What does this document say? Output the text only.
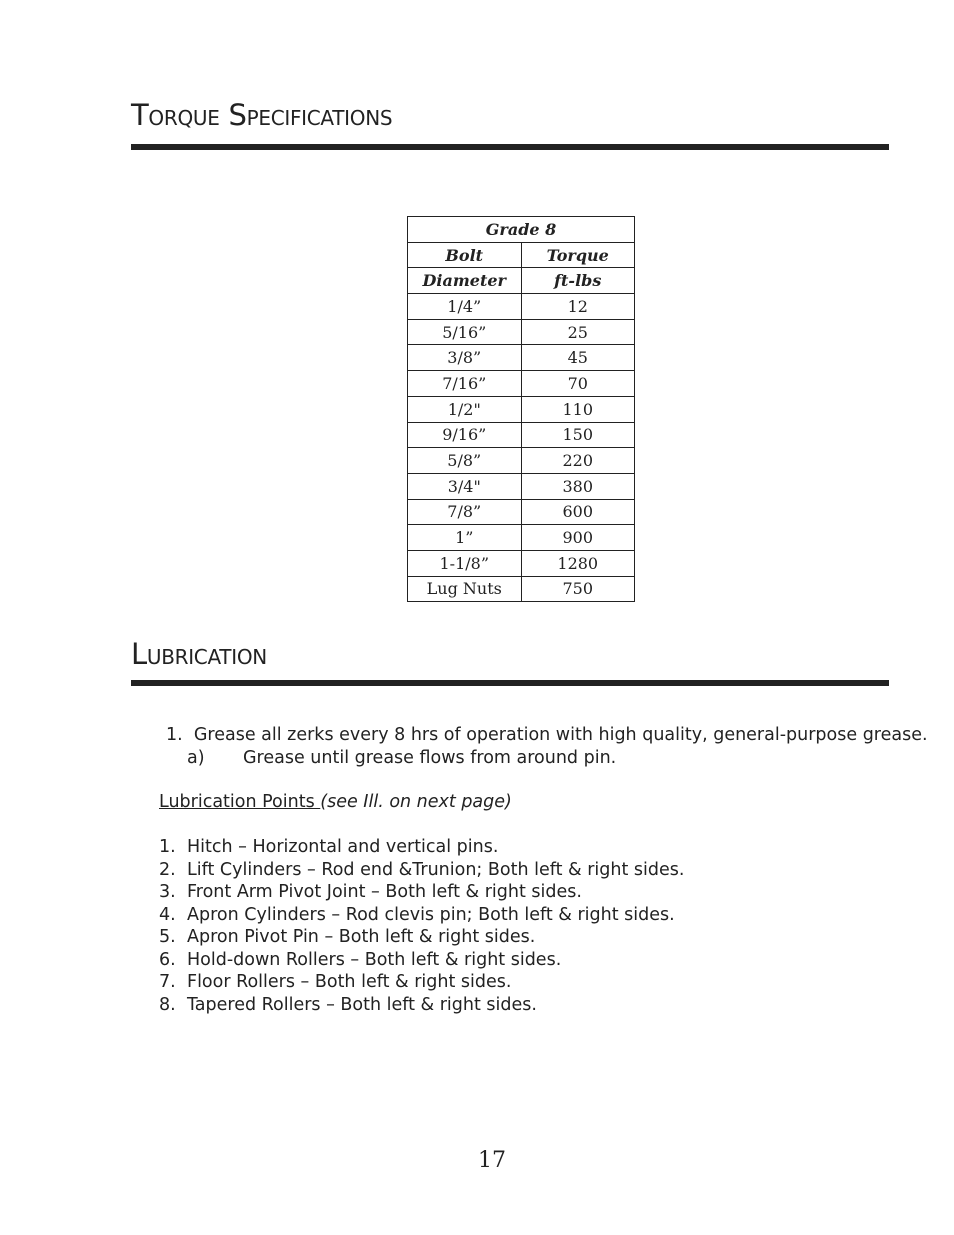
Torque Specifications
Grade 8	
Bolt	Torque
Diameter	ft-lbs
1/4”	12
5/16”	25
3/8”	45
7/16”	70
1/2"	110
9/16”	150
5/8”	220
3/4"	380
7/8”	600
1”	900
1-1/8”	1280
Lug Nuts	750
Lubrication
1. Grease all zerks every 8 hrs of operation with high quality, general-purpose grease.
a) Grease until grease flows from around pin.
Lubrication Points (see Ill. on next page)
1. Hitch – Horizontal and vertical pins.
2. Lift Cylinders – Rod end &Trunion; Both left & right sides.
3. Front Arm Pivot Joint – Both left & right sides.
4. Apron Cylinders – Rod clevis pin; Both left & right sides.
5. Apron Pivot Pin – Both left & right sides.
6. Hold-down Rollers – Both left & right sides.
7. Floor Rollers – Both left & right sides.
8. Tapered Rollers – Both left & right sides.
17
